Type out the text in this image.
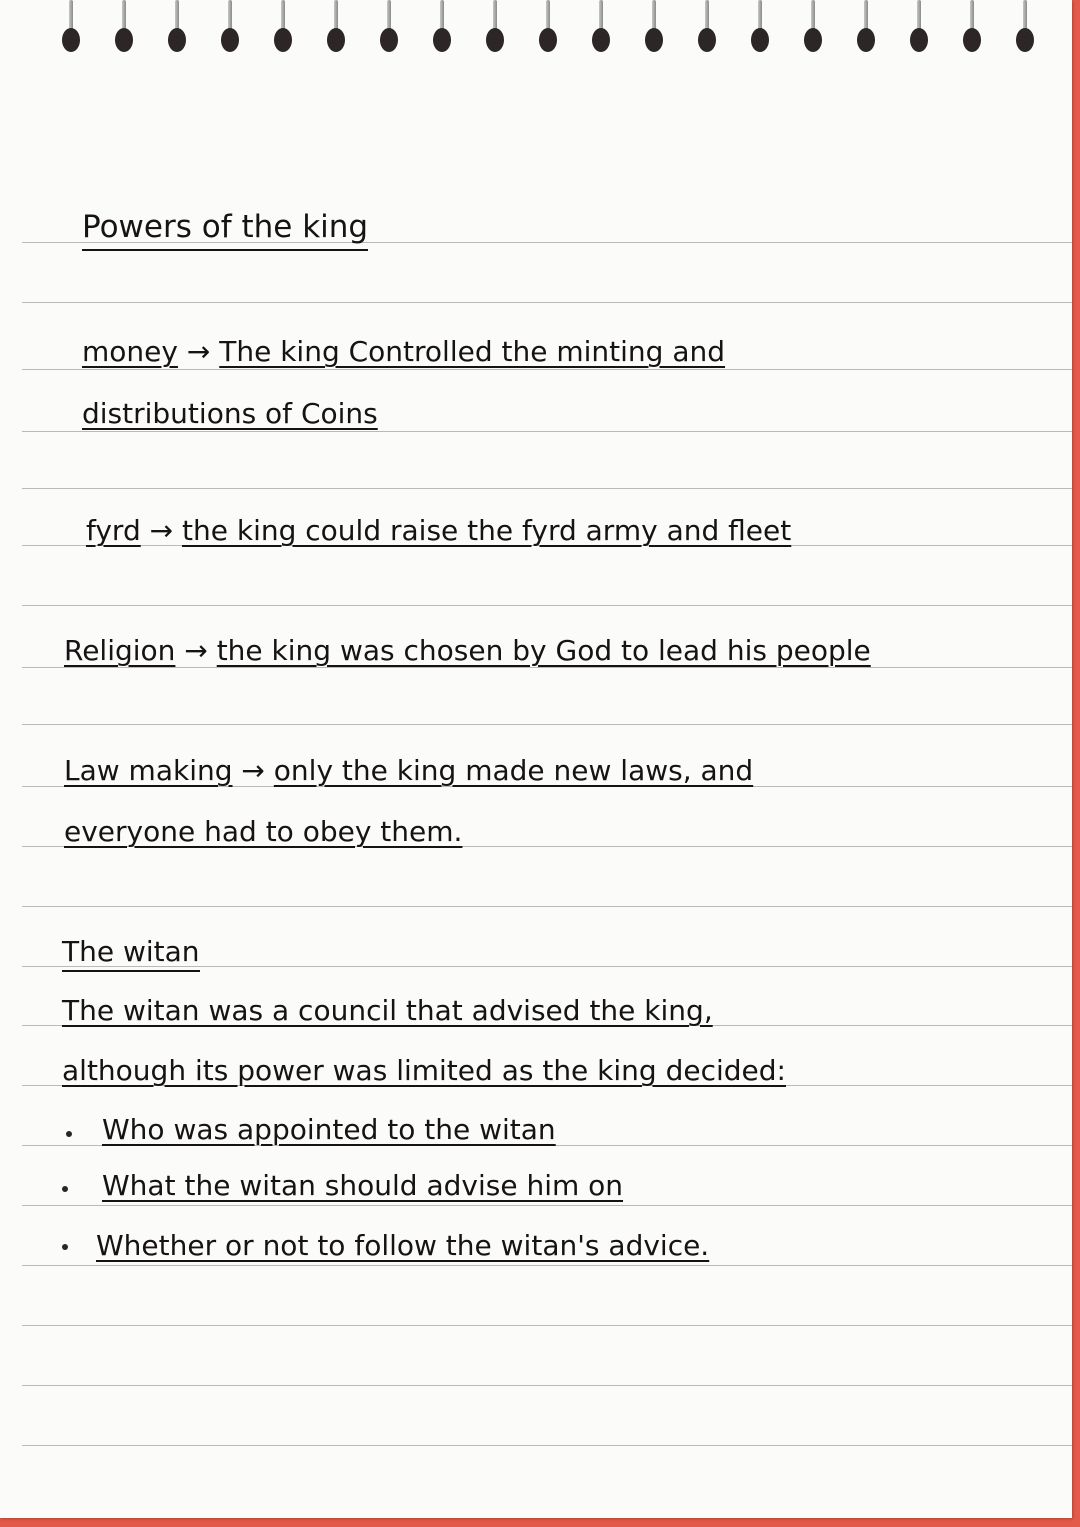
Powers of the king
money → The king Controlled the minting and
distributions of Coins
fyrd → the king could raise the fyrd army and fleet
Religion → the king was chosen by God to lead his people
Law making → only the king made new laws, and
everyone had to obey them.
The witan
The witan was a council that advised the king,
although its power was limited as the king decided:
Who was appointed to the witan
What the witan should advise him on
Whether or not to follow the witan's advice.
